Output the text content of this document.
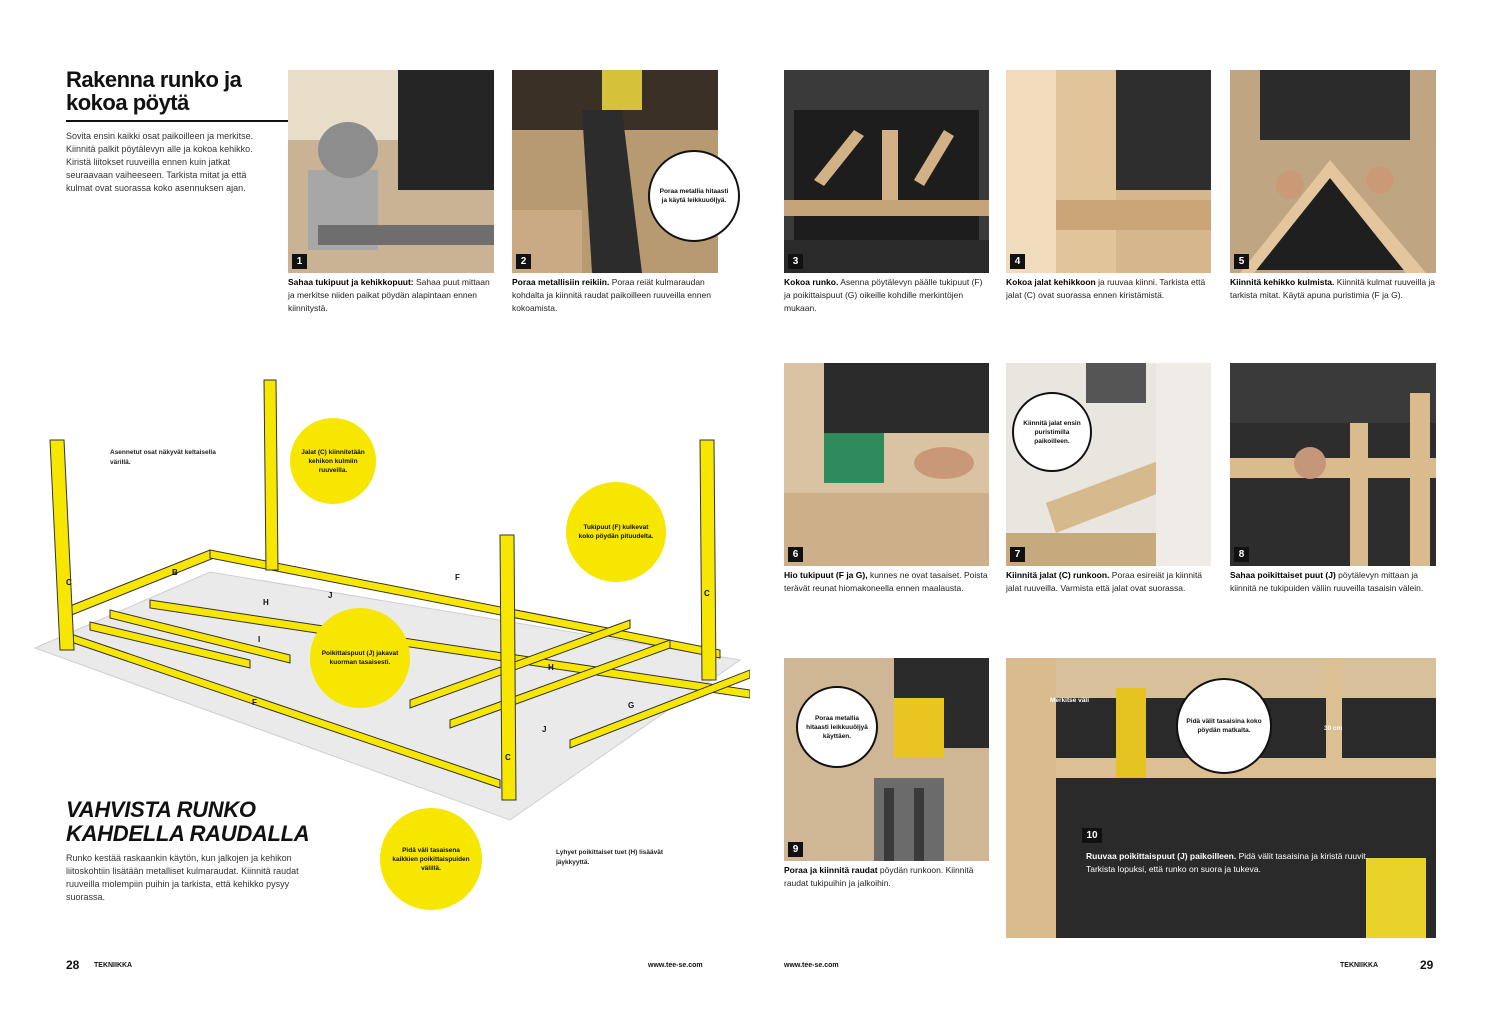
Rakenna runko ja kokoa pöytä
Sovita ensin kaikki osat paikoilleen ja merkitse. Kiinnitä palkit pöytälevyn alle ja kokoa kehikko. Kiristä liitokset ruuveilla ennen kuin jatkat seuraavaan vaiheeseen. Tarkista mitat ja että kulmat ovat suorassa koko asennuksen ajan.
1
Sahaa tukipuut ja kehikkopuut: Sahaa puut mittaan ja merkitse niiden paikat pöydän alapintaan ennen kiinnitystä.
2
Poraa metallia hitaasti ja käytä leikkuuöljyä.
Poraa metallisiin reikiin. Poraa reiät kulmaraudan kohdalta ja kiinnitä raudat paikoilleen ruuveilla ennen kokoamista.
C
B
F
H
J
I
F	G
J
H
C
C
Asennetut osat näkyvät keltaisella värillä.
Jalat (C) kiinnitetään kehikon kulmiin ruuveilla.
Tukipuut (F) kulkevat koko pöydän pituudelta.
Poikittaispuut (J) jakavat kuorman tasaisesti.
Pidä väli tasaisena kaikkien poikittaispuiden välillä.
Lyhyet poikittaiset tuet (H) lisäävät jäykkyyttä.
VAHVISTA RUNKO KAHDELLA RAUDALLA
Runko kestää raskaankin käytön, kun jalkojen ja kehikon liitoskohtiin lisätään metalliset kulmaraudat. Kiinnitä raudat ruuveilla molempiin puihin ja tarkista, että kehikko pysyy suorassa.
28 TEKNIIKKA	www.tee-se.com
3
Kokoa runko. Asenna pöytälevyn päälle tukipuut (F) ja poikittaispuut (G) oikeille kohdille merkintöjen mukaan.
4
Kokoa jalat kehikkoon ja ruuvaa kiinni. Tarkista että jalat (C) ovat suorassa ennen kiristämistä.
5
Kiinnitä kehikko kulmista. Kiinnitä kulmat ruuveilla ja tarkista mitat. Käytä apuna puristimia (F ja G).
6
Hio tukipuut (F ja G), kunnes ne ovat tasaiset. Poista terävät reunat hiomakoneella ennen maalausta.
7
Kiinnitä jalat ensin puristimilla paikoilleen.
Kiinnitä jalat (C) runkoon. Poraa esireiät ja kiinnitä jalat ruuveilla. Varmista että jalat ovat suorassa.
8
Sahaa poikittaiset puut (J) pöytälevyn mittaan ja kiinnitä ne tukipuiden väliin ruuveilla tasaisin välein.
9
Poraa metallia hitaasti leikkuuöljyä käyttäen.
Poraa ja kiinnitä raudat pöydän runkoon. Kiinnitä raudat tukipuihin ja jalkoihin.
10
Pidä välit tasaisina koko pöydän matkalta.
Merkitse väli
30 cm
Ruuvaa poikittaispuut (J) paikoilleen. Pidä välit tasaisina ja kiristä ruuvit. Tarkista lopuksi, että runko on suora ja tukeva.
www.tee-se.com	TEKNIIKKA	29
